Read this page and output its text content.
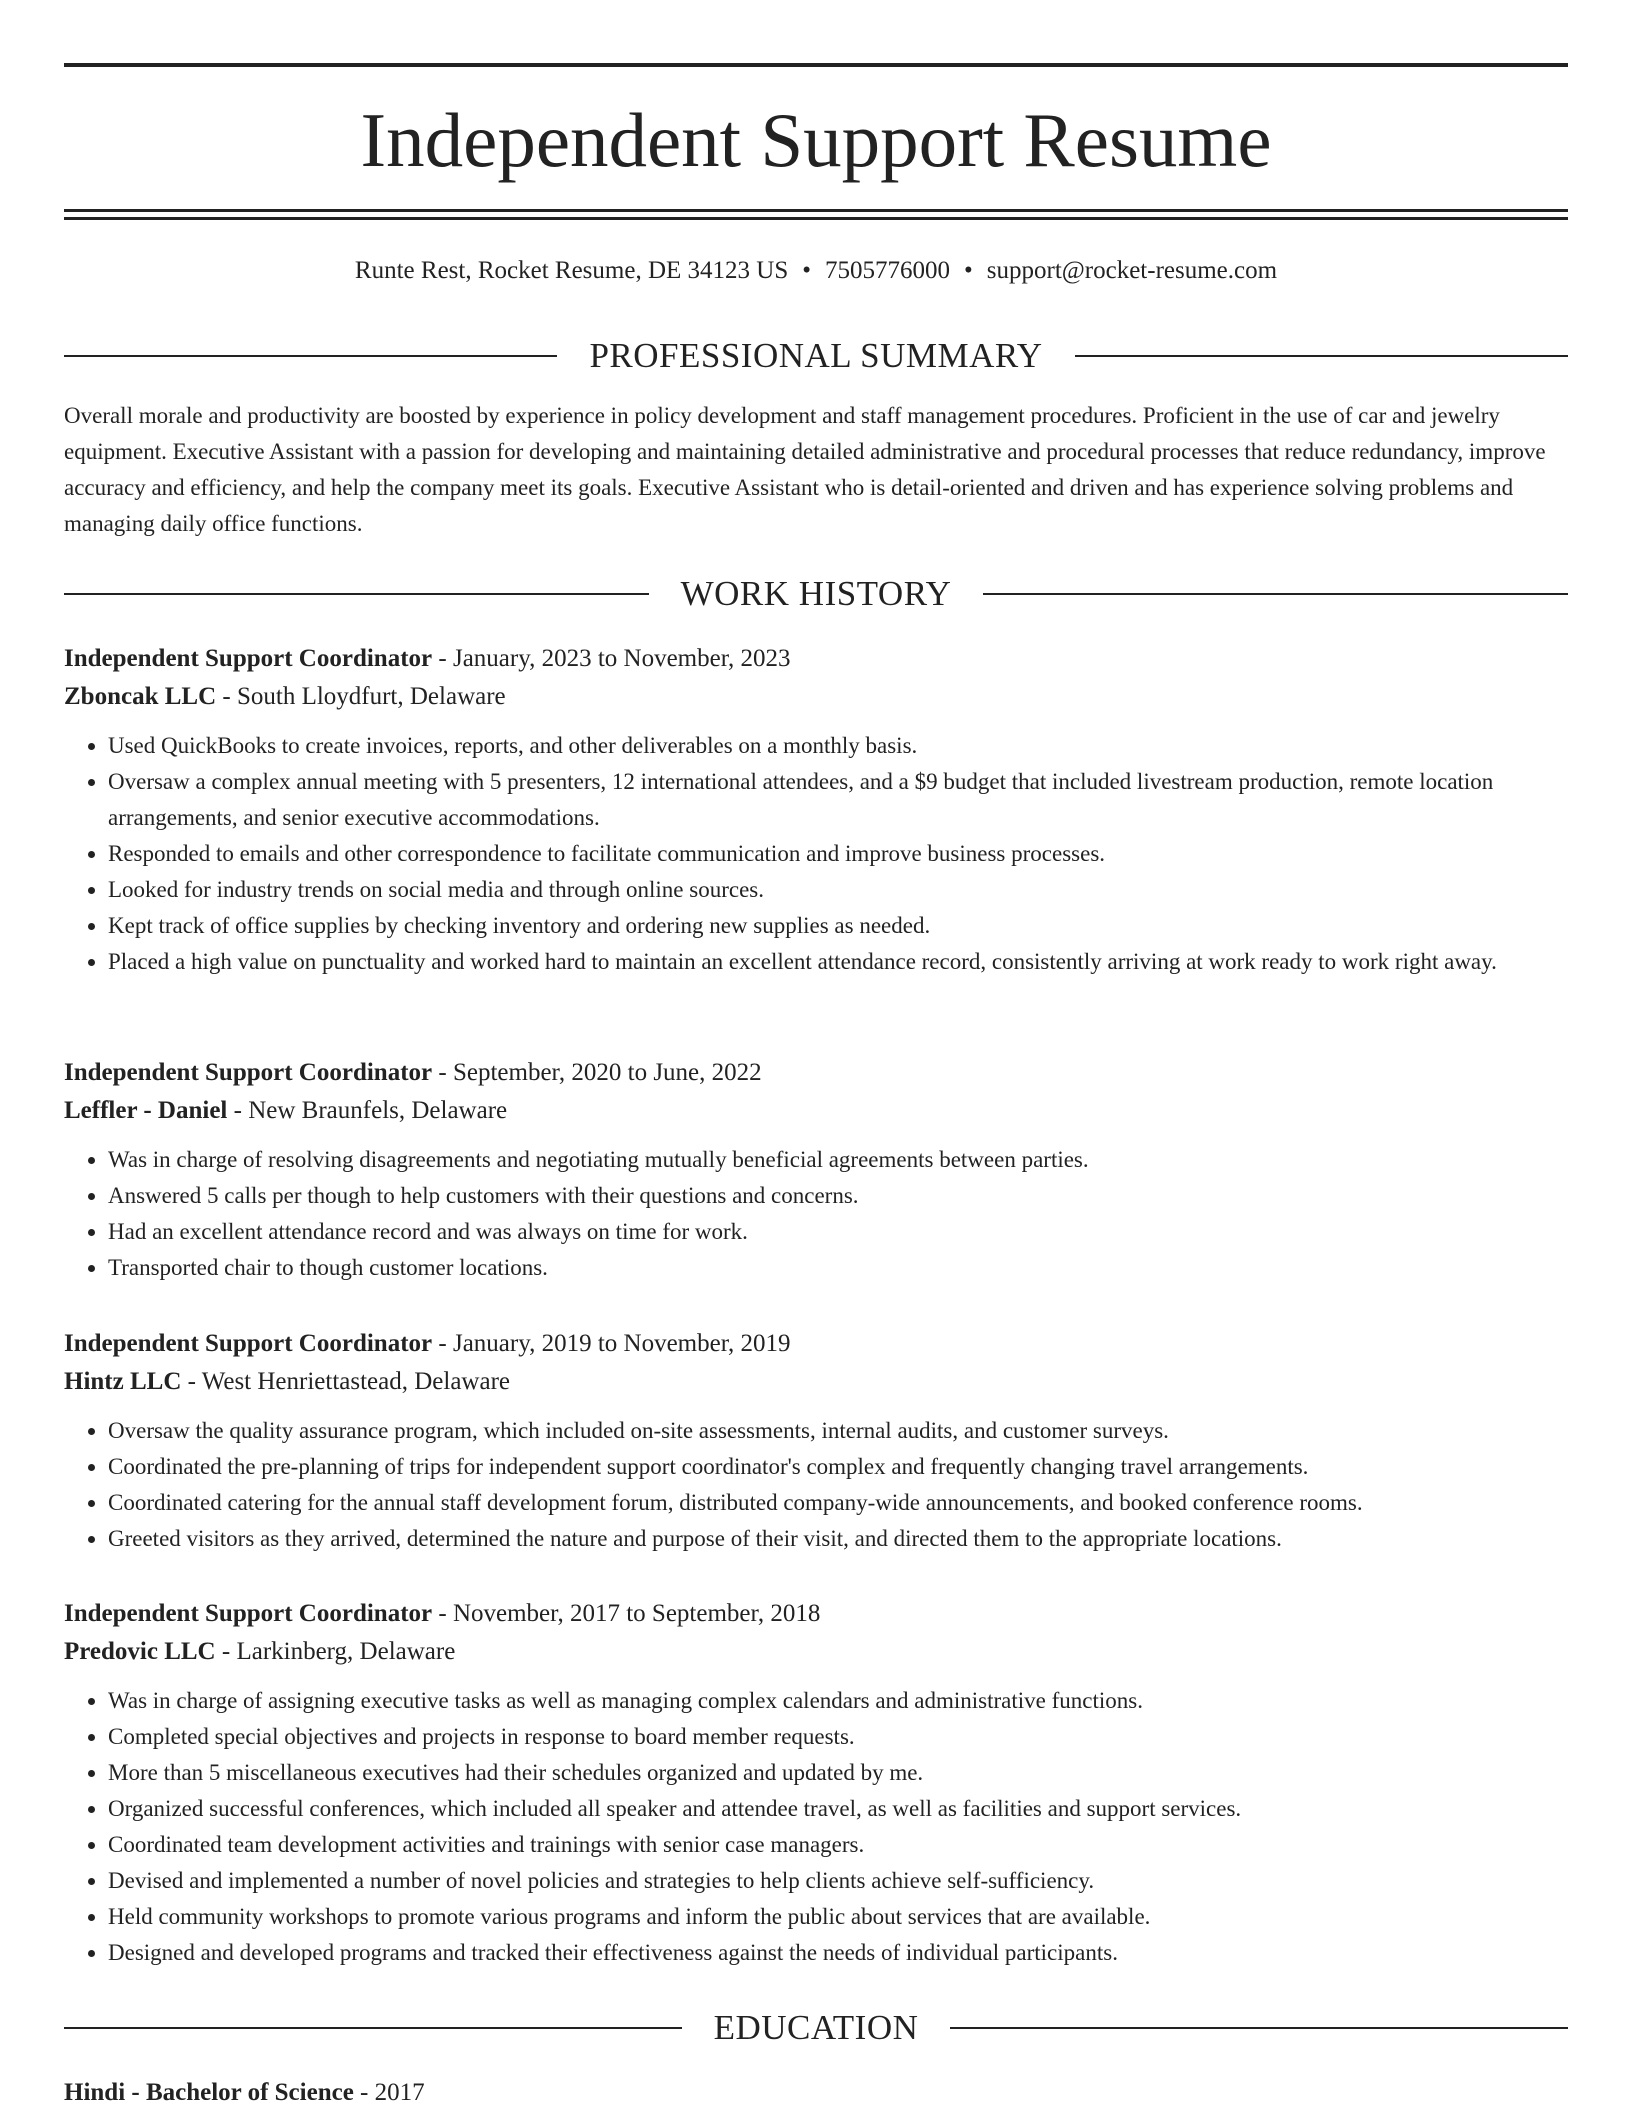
Independent Support Resume
Runte Rest, Rocket Resume, DE 34123 US • 7505776000 • support@rocket-resume.com
PROFESSIONAL SUMMARY

Overall morale and productivity are boosted by experience in policy development and staff management procedures. Proficient in the use of car and jewelry equipment. Executive Assistant with a passion for developing and maintaining detailed administrative and procedural processes that reduce redundancy, improve accuracy and efficiency, and help the company meet its goals. Executive Assistant who is detail-oriented and driven and has experience solving problems and managing daily office functions.

WORK HISTORY
Independent Support Coordinator - January, 2023 to November, 2023
Zboncak LLC - South Lloydfurt, Delaware
• Used QuickBooks to create invoices, reports, and other deliverables on a monthly basis.
• Oversaw a complex annual meeting with 5 presenters, 12 international attendees, and a $9 budget that included livestream production, remote location arrangements, and senior executive accommodations.
• Responded to emails and other correspondence to facilitate communication and improve business processes.
• Looked for industry trends on social media and through online sources.
• Kept track of office supplies by checking inventory and ordering new supplies as needed.
• Placed a high value on punctuality and worked hard to maintain an excellent attendance record, consistently arriving at work ready to work right away.
Independent Support Coordinator - September, 2020 to June, 2022
Leffler - Daniel - New Braunfels, Delaware
• Was in charge of resolving disagreements and negotiating mutually beneficial agreements between parties.
• Answered 5 calls per though to help customers with their questions and concerns.
• Had an excellent attendance record and was always on time for work.
• Transported chair to though customer locations.
Independent Support Coordinator - January, 2019 to November, 2019
Hintz LLC - West Henriettastead, Delaware
• Oversaw the quality assurance program, which included on-site assessments, internal audits, and customer surveys.
• Coordinated the pre-planning of trips for independent support coordinator's complex and frequently changing travel arrangements.
• Coordinated catering for the annual staff development forum, distributed company-wide announcements, and booked conference rooms.
• Greeted visitors as they arrived, determined the nature and purpose of their visit, and directed them to the appropriate locations.
Independent Support Coordinator - November, 2017 to September, 2018
Predovic LLC - Larkinberg, Delaware
• Was in charge of assigning executive tasks as well as managing complex calendars and administrative functions.
• Completed special objectives and projects in response to board member requests.
• More than 5 miscellaneous executives had their schedules organized and updated by me.
• Organized successful conferences, which included all speaker and attendee travel, as well as facilities and support services.
• Coordinated team development activities and trainings with senior case managers.
• Devised and implemented a number of novel policies and strategies to help clients achieve self-sufficiency.
• Held community workshops to promote various programs and inform the public about services that are available.
• Designed and developed programs and tracked their effectiveness against the needs of individual participants.
EDUCATION
Hindi - Bachelor of Science - 2017
